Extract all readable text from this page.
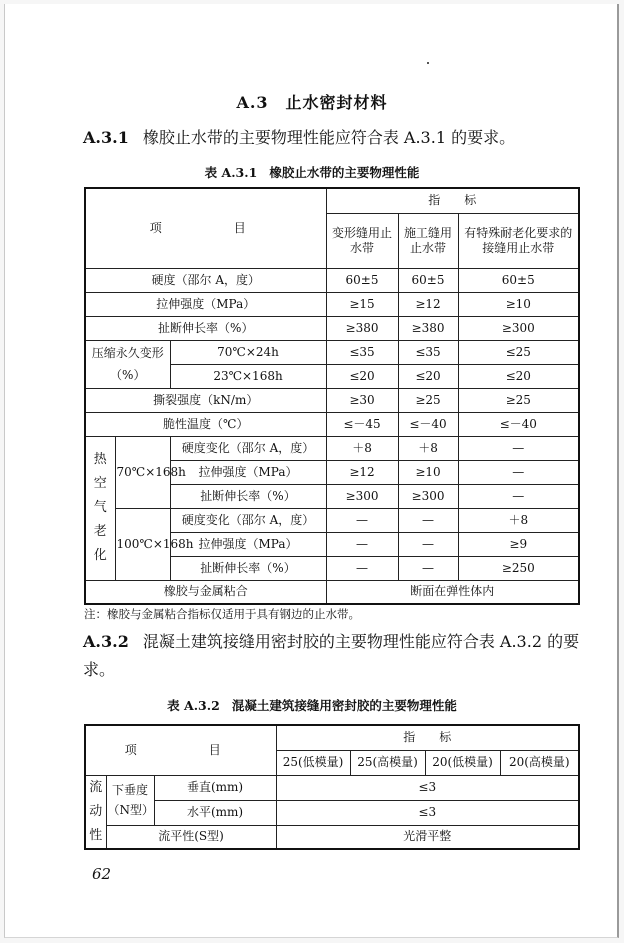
A.3　止水密封材料
A.3.1 橡胶止水带的主要物理性能应符合表 A.3.1 的要求。
表 A.3.1 橡胶止水带的主要物理性能
项　　目			指　　标		
			变形缝用止水带	施工缝用止水带	有特殊耐老化要求的接缝用止水带
硬度（邵尔 A，度）			60±5	60±5	60±5
拉伸强度（MPa）			≥15	≥12	≥10
扯断伸长率（%）			≥380	≥380	≥300
压缩永久变形（%）		70℃×24h	≤35	≤35	≤25
		23℃×168h	≤20	≤20	≤20
撕裂强度（kN/m）			≥30	≥25	≥25
脆性温度（℃）			≤－45	≤－40	≤－40
热空气老化	70℃×168h	硬度变化（邵尔 A，度）	＋8	＋8	—
		拉伸强度（MPa）	≥12	≥10	—
		扯断伸长率（%）	≥300	≥300	—
	100℃×168h	硬度变化（邵尔 A，度）	—	—	＋8
		拉伸强度（MPa）	—	—	≥9
		扯断伸长率（%）	—	—	≥250
橡胶与金属粘合			断面在弹性体内		
注：橡胶与金属粘合指标仅适用于具有钢边的止水带。
A.3.2 混凝土建筑接缝用密封胶的主要物理性能应符合表 A.3.2 的要求。
表 A.3.2 混凝土建筑接缝用密封胶的主要物理性能
项　　目			指　　标			
			25(低模量)	25(高模量)	20(低模量)	20(高模量)
流动性	下垂度（N型）	垂直(mm)	≤3			
		水平(mm)	≤3			
	流平性(S型)		光滑平整			
62
